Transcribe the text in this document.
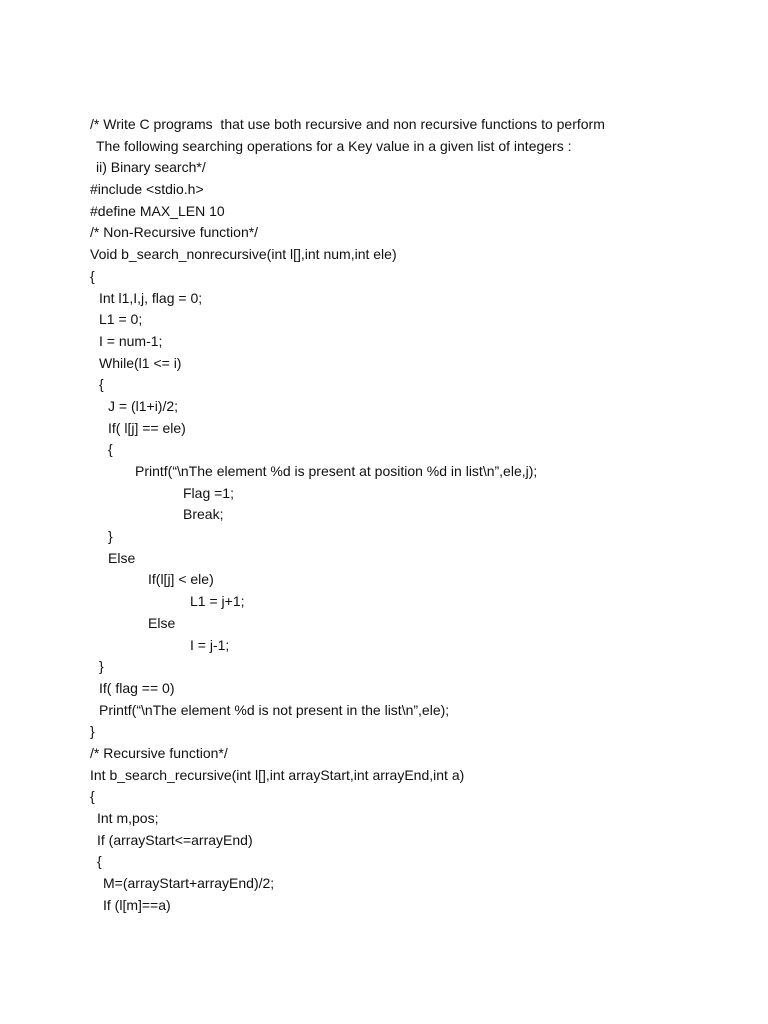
/* Write C programs  that use both recursive and non recursive functions to perform
The following searching operations for a Key value in a given list of integers :
ii) Binary search*/
#include <stdio.h>
#define MAX_LEN 10
/* Non-Recursive function*/
Void b_search_nonrecursive(int l[],int num,int ele)
{
Int l1,I,j, flag = 0;
L1 = 0;
I = num-1;
While(l1 <= i)
{
J = (l1+i)/2;
If( l[j] == ele)
{
Printf(“\nThe element %d is present at position %d in list\n”,ele,j);
Flag =1;
Break;
}
Else
If(l[j] < ele)
L1 = j+1;
Else
I = j-1;
}
If( flag == 0)
Printf(“\nThe element %d is not present in the list\n”,ele);
}
/* Recursive function*/
Int b_search_recursive(int l[],int arrayStart,int arrayEnd,int a)
{
Int m,pos;
If (arrayStart<=arrayEnd)
{
M=(arrayStart+arrayEnd)/2;
If (l[m]==a)
